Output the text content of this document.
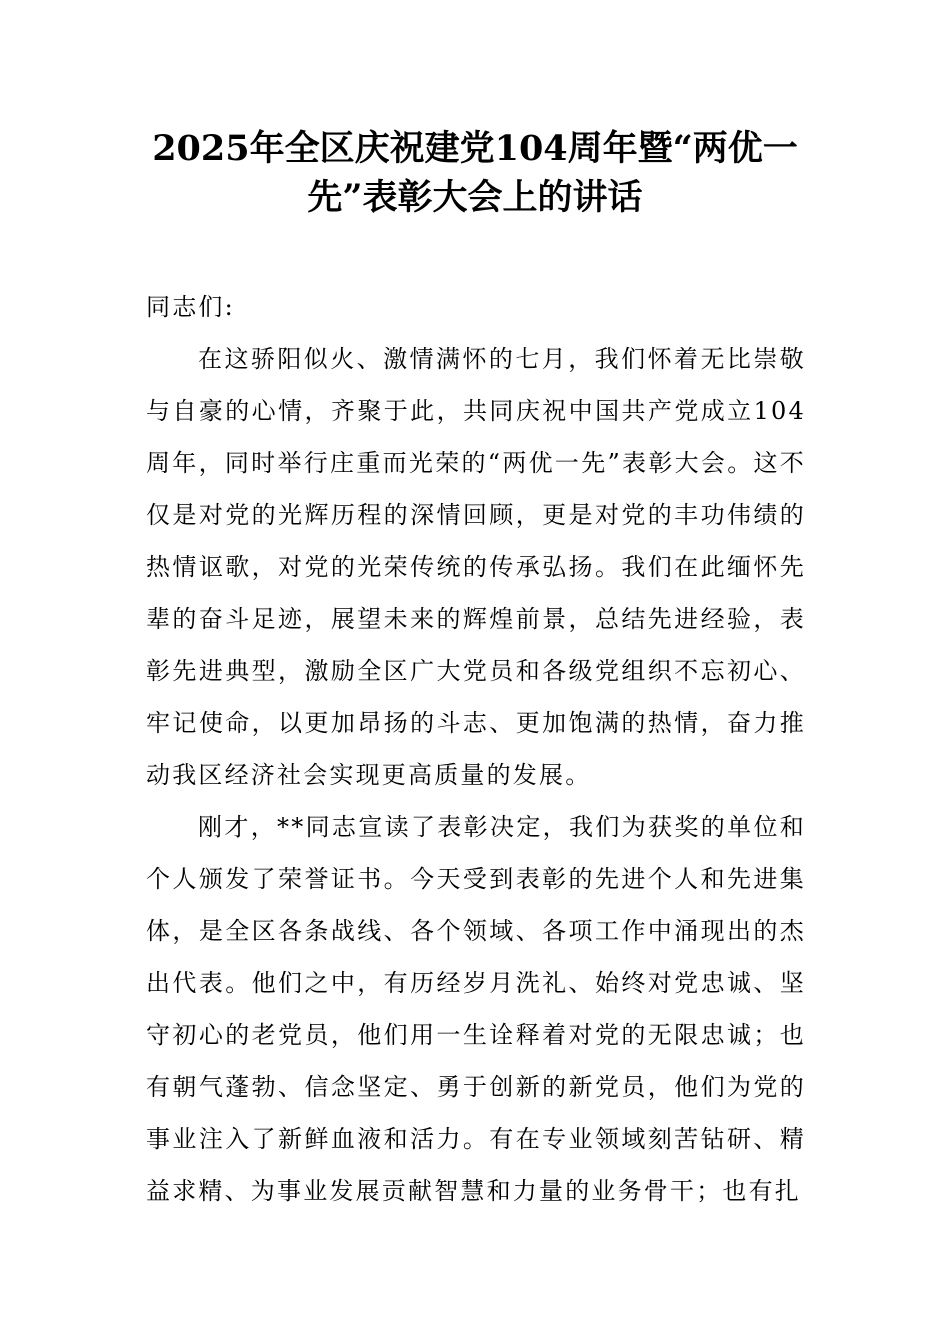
2025年全区庆祝建党104周年暨“两优一先”表彰大会上的讲话

同志们:

在这骄阳似火、激情满怀的七月，我们怀着无比崇敬与自豪的心情，齐聚于此，共同庆祝中国共产党成立104周年，同时举行庄重而光荣的“两优一先”表彰大会。这不仅是对党的光辉历程的深情回顾，更是对党的丰功伟绩的热情讴歌，对党的光荣传统的传承弘扬。我们在此缅怀先辈的奋斗足迹，展望未来的辉煌前景，总结先进经验，表彰先进典型，激励全区广大党员和各级党组织不忘初心、牢记使命，以更加昂扬的斗志、更加饱满的热情，奋力推动我区经济社会实现更高质量的发展。

刚才，**同志宣读了表彰决定，我们为获奖的单位和个人颁发了荣誉证书。今天受到表彰的先进个人和先进集体，是全区各条战线、各个领域、各项工作中涌现出的杰出代表。他们之中，有历经岁月洗礼、始终对党忠诚、坚守初心的老党员，他们用一生诠释着对党的无限忠诚；也有朝气蓬勃、信念坚定、勇于创新的新党员，他们为党的事业注入了新鲜血液和活力。有在专业领域刻苦钻研、精益求精、为事业发展贡献智慧和力量的业务骨干；也有扎
